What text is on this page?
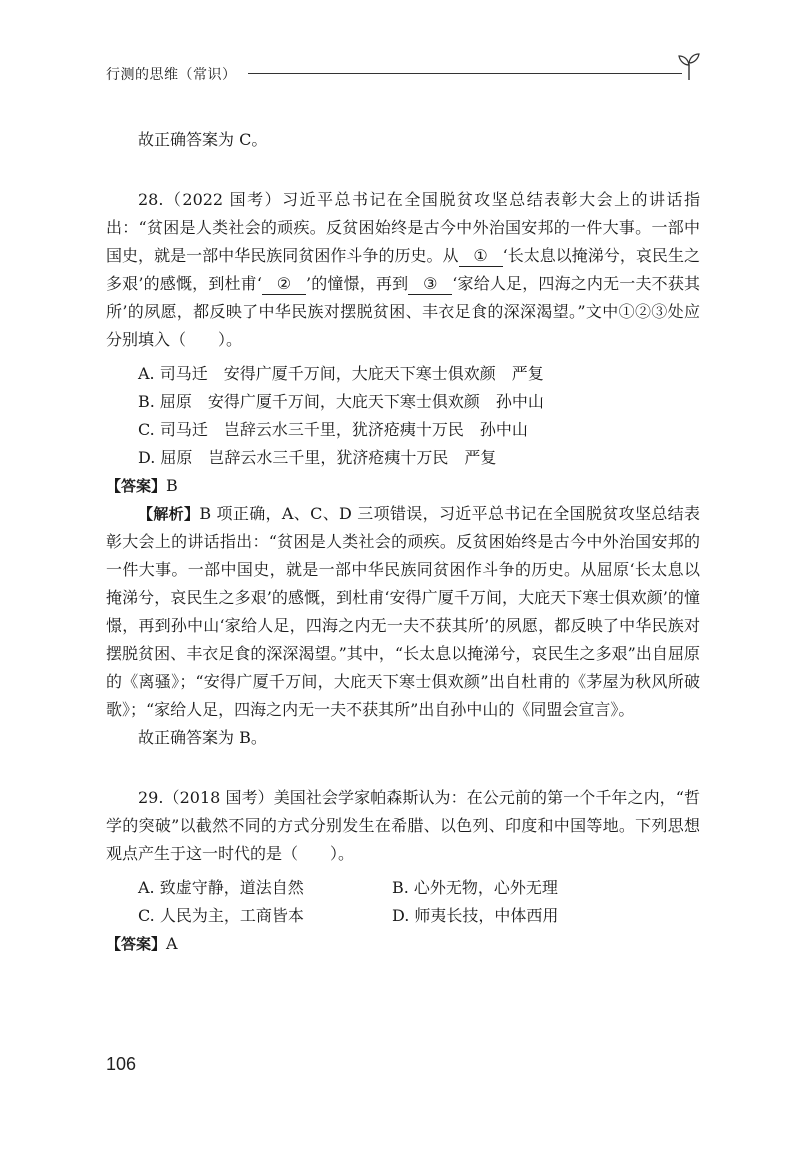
行测的思维（常识）

故正确答案为 C。

28.（2022 国考）习近平总书记在全国脱贫攻坚总结表彰大会上的讲话指出：“贫困是人类社会的顽疾。反贫困始终是古今中外治国安邦的一件大事。一部中国史，就是一部中华民族同贫困作斗争的历史。从 ① ‘长太息以掩涕兮，哀民生之多艰’的感慨，到杜甫‘ ② ’的憧憬，再到 ③ ‘家给人足，四海之内无一夫不获其所’的夙愿，都反映了中华民族对摆脱贫困、丰衣足食的深深渴望。”文中①②③处应分别填入（　　）。

A. 司马迁　安得广厦千万间，大庇天下寒士俱欢颜　严复

B. 屈原　安得广厦千万间，大庇天下寒士俱欢颜　孙中山

C. 司马迁　岂辞云水三千里，犹济疮痍十万民　孙中山

D. 屈原　岂辞云水三千里，犹济疮痍十万民　严复

【答案】B

【解析】B 项正确，A、C、D 三项错误，习近平总书记在全国脱贫攻坚总结表彰大会上的讲话指出：“贫困是人类社会的顽疾。反贫困始终是古今中外治国安邦的一件大事。一部中国史，就是一部中华民族同贫困作斗争的历史。从屈原‘长太息以掩涕兮，哀民生之多艰’的感慨，到杜甫‘安得广厦千万间，大庇天下寒士俱欢颜’的憧憬，再到孙中山‘家给人足，四海之内无一夫不获其所’的夙愿，都反映了中华民族对摆脱贫困、丰衣足食的深深渴望。”其中，“长太息以掩涕兮，哀民生之多艰”出自屈原的《离骚》；“安得广厦千万间，大庇天下寒士俱欢颜”出自杜甫的《茅屋为秋风所破歌》；“家给人足，四海之内无一夫不获其所”出自孙中山的《同盟会宣言》。

故正确答案为 B。

29.（2018 国考）美国社会学家帕森斯认为：在公元前的第一个千年之内，“哲学的突破”以截然不同的方式分别发生在希腊、以色列、印度和中国等地。下列思想观点产生于这一时代的是（　　）。

A. 致虚守静，道法自然	B. 心外无物，心外无理
C. 人民为主，工商皆本	D. 师夷长技，中体西用

【答案】A

106
